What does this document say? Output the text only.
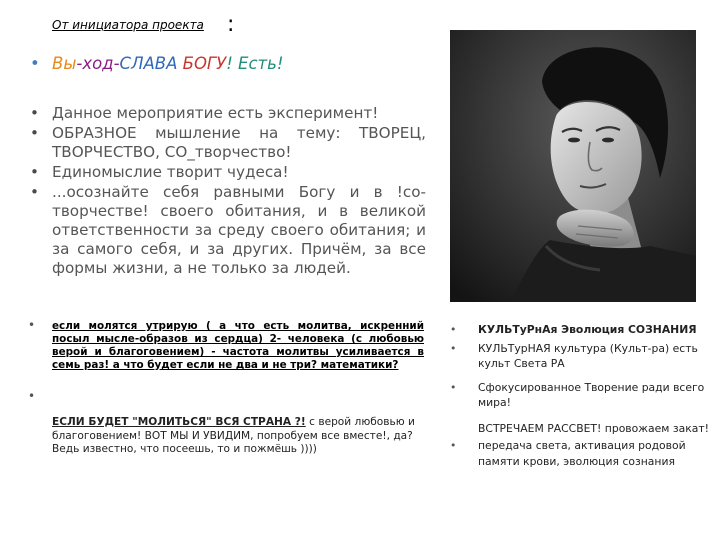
От инициатора проекта :
• Вы-ход-СЛАВА БОГУ! Есть!
• Данное мероприятие есть эксперимент!
• ОБРАЗНОЕ мышление на тему: ТВОРЕЦ, ТВОРЧЕСТВО, СО_творчество!
• Единомыслие творит чудеса!
• ...осознайте себя равными Богу и в !со-творчестве! своего обитания, и в великой ответственности за среду своего обитания; и за самого себя, и за других. Причём, за все формы жизни, а не только за людей.
•
•
если молятся утрирую ( а что есть молитва, искренний посыл мысле-образов из сердца) 2- человека (с любовью верой и благоговением) - частота молитвы усиливается в семь раз! а что будет если не два и не три? математики?
ЕСЛИ БУДЕТ "МОЛИТЬСЯ" ВСЯ СТРАНА ?! с верой любовью и благоговением! ВОТ МЫ И УВИДИМ, попробуем все вместе!, да? Ведь известно, что посеешь, то и пожмёшь ))))
• КУЛЬТуРнАя Эволюция СОЗНАНИЯ
• КУЛЬТурНАЯ культура (Культ-ра) есть культ Света РА
• Сфокусированное Творение ради всего мира!
ВСТРЕЧАЕМ РАССВЕТ! провожаем закат!
• передача света, активация родовой памяти крови, эволюция сознания
